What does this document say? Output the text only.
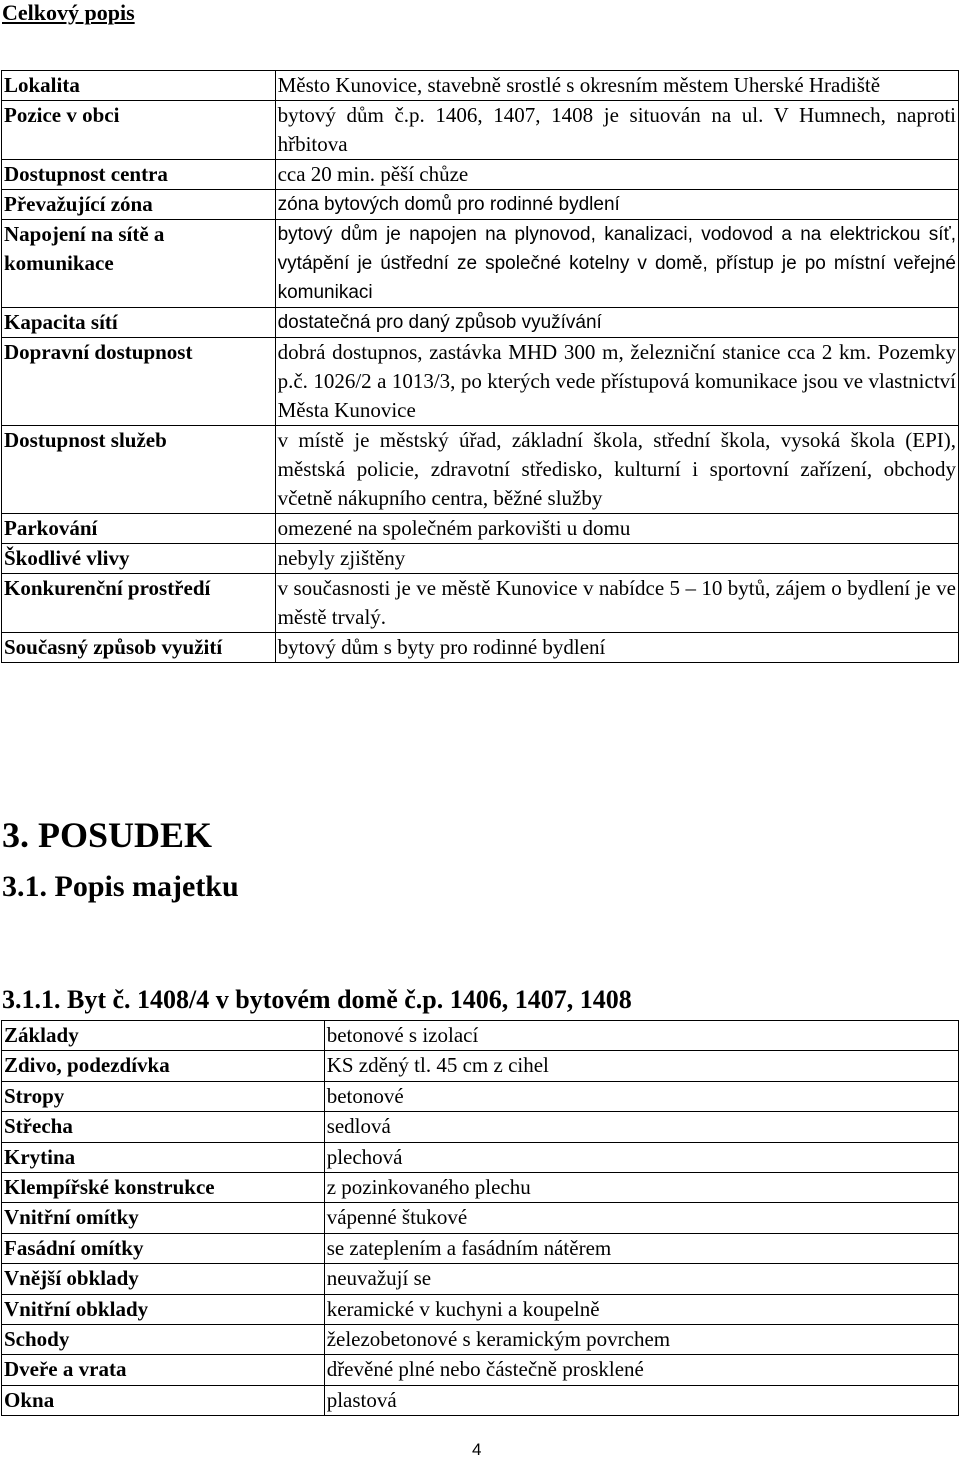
Celkový popis
Lokalita	Město Kunovice, stavebně srostlé s okresním městem Uherské Hradiště
Pozice v obci	bytový dům č.p. 1406, 1407, 1408 je situován na ul. V Humnech, naproti hřbitova
Dostupnost centra	cca 20 min. pěší chůze
Převažující zóna	zóna bytových domů pro rodinné bydlení
Napojení na sítě a komunikace	bytový dům je napojen na plynovod, kanalizaci, vodovod a na elektrickou síť, vytápění je ústřední ze společné kotelny v domě, přístup je po místní veřejné komunikaci
Kapacita sítí	dostatečná pro daný způsob využívání
Dopravní dostupnost	dobrá dostupnos, zastávka MHD 300 m, železniční stanice cca 2 km. Pozemky p.č. 1026/2 a 1013/3, po kterých vede přístupová komunikace jsou ve vlastnictví Města Kunovice
Dostupnost služeb	v místě je městský úřad, základní škola, střední škola, vysoká škola (EPI), městská policie, zdravotní středisko, kulturní i sportovní zařízení, obchody včetně nákupního centra, běžné služby
Parkování	omezené na společném parkovišti u domu
Škodlivé vlivy	nebyly zjištěny
Konkurenční prostředí	v současnosti je ve městě Kunovice v nabídce 5 – 10 bytů, zájem o bydlení je ve městě trvalý.
Současný způsob využití	bytový dům s byty pro rodinné bydlení
3. POSUDEK
3.1. Popis majetku
3.1.1. Byt č. 1408/4 v bytovém domě č.p. 1406, 1407, 1408
Základy	betonové s izolací
Zdivo, podezdívka	KS zděný tl. 45 cm z cihel
Stropy	betonové
Střecha	sedlová
Krytina	plechová
Klempířské konstrukce	z pozinkovaného plechu
Vnitřní omítky	vápenné štukové
Fasádní omítky	se zateplením a fasádním nátěrem
Vnější obklady	neuvažují se
Vnitřní obklady	keramické v kuchyni a koupelně
Schody	železobetonové s keramickým povrchem
Dveře a vrata	dřevěné plné nebo částečně prosklené
Okna	plastová
4
